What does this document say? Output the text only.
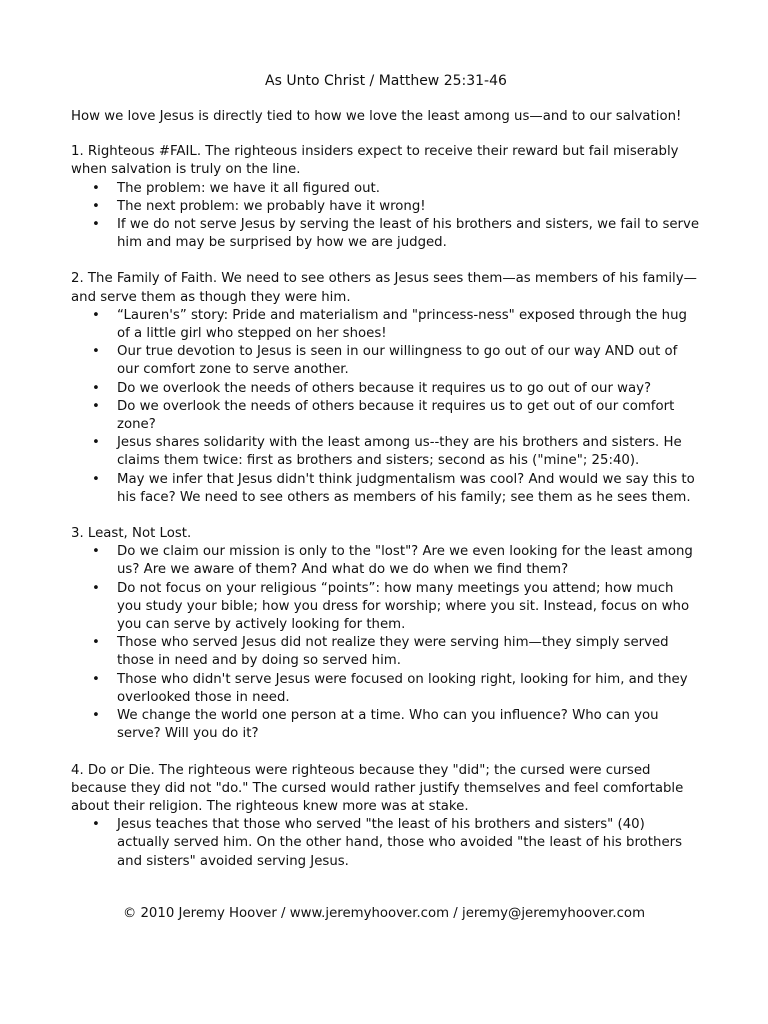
As Unto Christ / Matthew 25:31-46
How we love Jesus is directly tied to how we love the least among us—and to our salvation!
1. Righteous #FAIL. The righteous insiders expect to receive their reward but fail miserably when salvation is truly on the line.
• The problem: we have it all figured out.
• The next problem: we probably have it wrong!
• If we do not serve Jesus by serving the least of his brothers and sisters, we fail to serve him and may be surprised by how we are judged.
2. The Family of Faith. We need to see others as Jesus sees them—as members of his family—and serve them as though they were him.
• “Lauren's” story: Pride and materialism and "princess-ness" exposed through the hug of a little girl who stepped on her shoes!
• Our true devotion to Jesus is seen in our willingness to go out of our way AND out of our comfort zone to serve another.
• Do we overlook the needs of others because it requires us to go out of our way?
• Do we overlook the needs of others because it requires us to get out of our comfort zone?
• Jesus shares solidarity with the least among us--they are his brothers and sisters. He claims them twice: first as brothers and sisters; second as his ("mine"; 25:40).
• May we infer that Jesus didn't think judgmentalism was cool? And would we say this to his face? We need to see others as members of his family; see them as he sees them.
3. Least, Not Lost.
• Do we claim our mission is only to the "lost"? Are we even looking for the least among us? Are we aware of them? And what do we do when we find them?
• Do not focus on your religious “points”: how many meetings you attend; how much you study your bible; how you dress for worship; where you sit. Instead, focus on who you can serve by actively looking for them.
• Those who served Jesus did not realize they were serving him—they simply served those in need and by doing so served him.
• Those who didn't serve Jesus were focused on looking right, looking for him, and they overlooked those in need.
• We change the world one person at a time. Who can you influence? Who can you serve? Will you do it?
4. Do or Die. The righteous were righteous because they "did"; the cursed were cursed because they did not "do." The cursed would rather justify themselves and feel comfortable about their religion. The righteous knew more was at stake.
• Jesus teaches that those who served "the least of his brothers and sisters" (40) actually served him. On the other hand, those who avoided "the least of his brothers and sisters" avoided serving Jesus.
© 2010 Jeremy Hoover / www.jeremyhoover.com / jeremy@jeremyhoover.com
